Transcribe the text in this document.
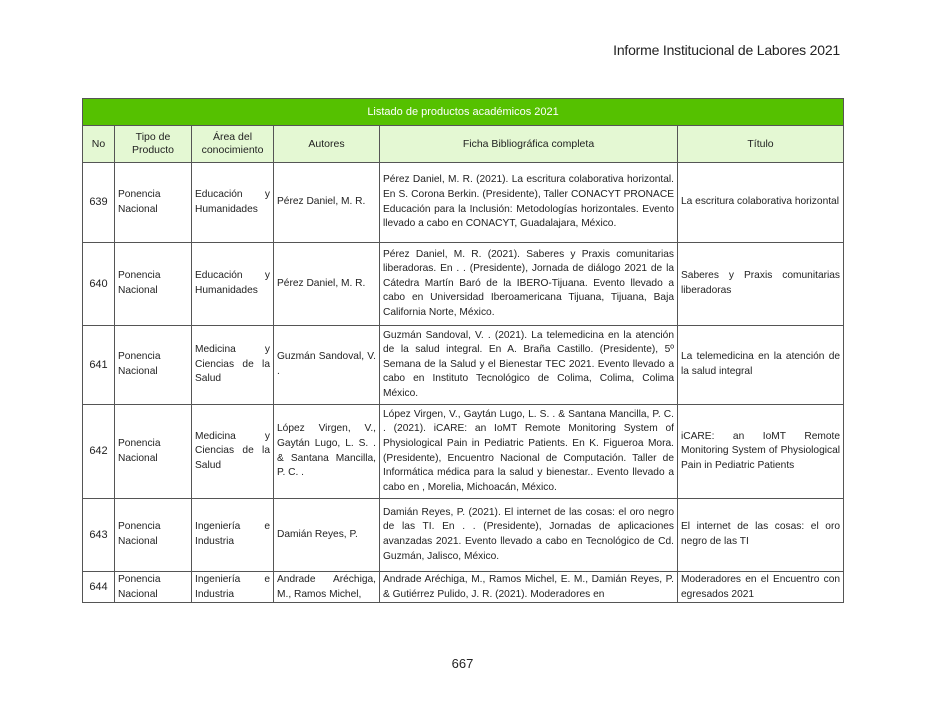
Informe Institucional de Labores 2021
Listado de productos académicos 2021					
No	Tipo de Producto	Área del conocimiento	Autores	Ficha Bibliográfica completa	Título
639	Ponencia Nacional	Educación y Humanidades	Pérez Daniel, M. R.	Pérez Daniel, M. R. (2021). La escritura colaborativa horizontal. En S. Corona Berkin. (Presidente), Taller CONACYT PRONACE Educación para la Inclusión: Metodologías horizontales. Evento llevado a cabo en CONACYT, Guadalajara, México.	La escritura colaborativa horizontal
640	Ponencia Nacional	Educación y Humanidades	Pérez Daniel, M. R.	Pérez Daniel, M. R. (2021). Saberes y Praxis comunitarias liberadoras. En . . (Presidente), Jornada de diálogo 2021 de la Cátedra Martín Baró de la IBERO-Tijuana. Evento llevado a cabo en Universidad Iberoamericana Tijuana, Tijuana, Baja California Norte, México.	Saberes y Praxis comunitarias liberadoras
641	Ponencia Nacional	Medicina y Ciencias de la Salud	Guzmán Sandoval, V. .	Guzmán Sandoval, V. . (2021). La telemedicina en la atención de la salud integral. En A. Braña Castillo. (Presidente), 5º Semana de la Salud y el Bienestar TEC 2021. Evento llevado a cabo en Instituto Tecnológico de Colima, Colima, Colima México.	La telemedicina en la atención de la salud integral
642	Ponencia Nacional	Medicina y Ciencias de la Salud	López Virgen, V., Gaytán Lugo, L. S. . & Santana Mancilla, P. C. .	López Virgen, V., Gaytán Lugo, L. S. . & Santana Mancilla, P. C. . (2021). iCARE: an IoMT Remote Monitoring System of Physiological Pain in Pediatric Patients. En K. Figueroa Mora. (Presidente), Encuentro Nacional de Computación. Taller de Informática médica para la salud y bienestar.. Evento llevado a cabo en , Morelia, Michoacán, México.	iCARE: an IoMT Remote Monitoring System of Physiological Pain in Pediatric Patients
643	Ponencia Nacional	Ingeniería e Industria	Damián Reyes, P.	Damián Reyes, P. (2021). El internet de las cosas: el oro negro de las TI. En . . (Presidente), Jornadas de aplicaciones avanzadas 2021. Evento llevado a cabo en Tecnológico de Cd. Guzmán, Jalisco, México.	El internet de las cosas: el oro negro de las TI
644	Ponencia Nacional	Ingeniería e Industria	Andrade Aréchiga, M., Ramos Michel,	Andrade Aréchiga, M., Ramos Michel, E. M., Damián Reyes, P. & Gutiérrez Pulido, J. R. (2021). Moderadores en	Moderadores en el Encuentro con egresados 2021
667
